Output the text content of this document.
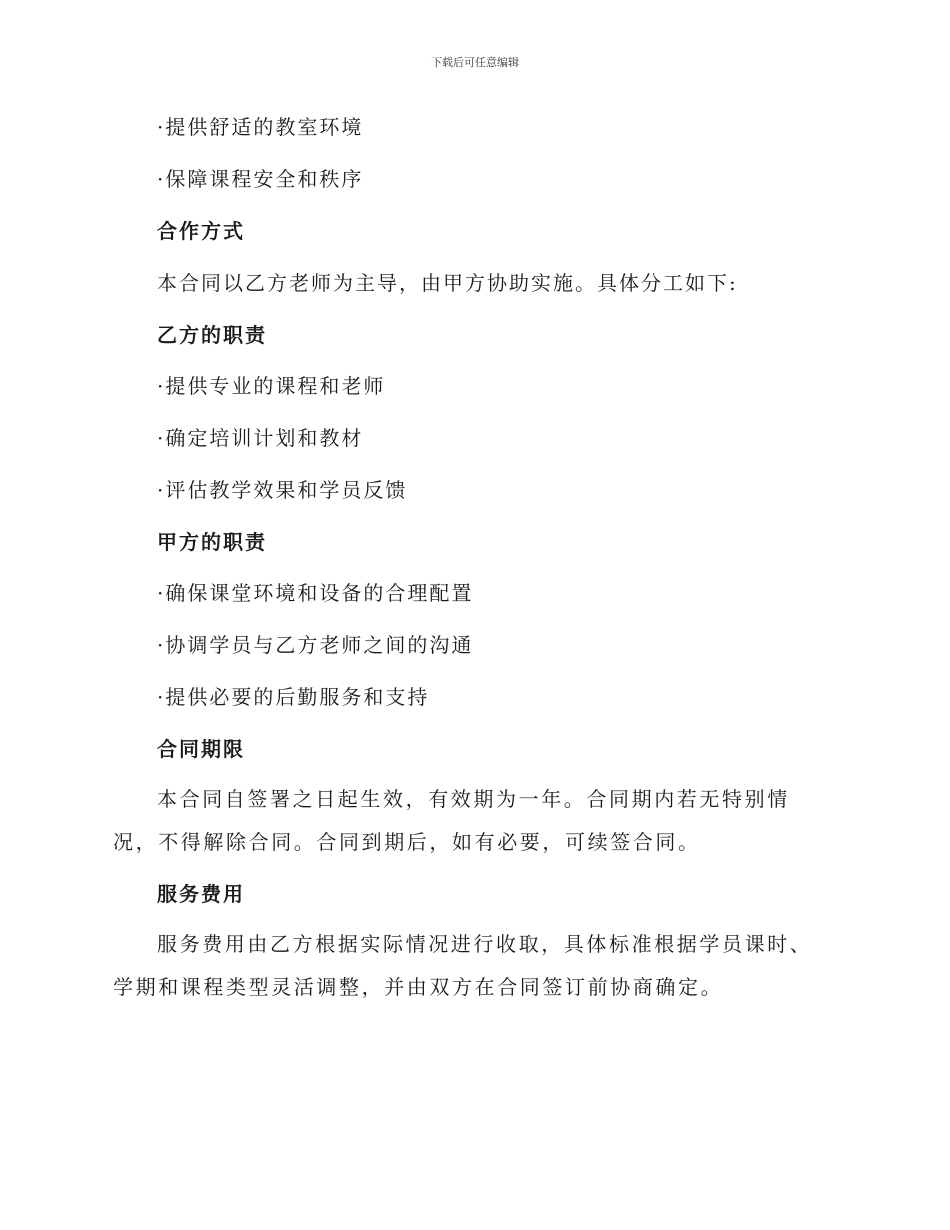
下载后可任意编辑
·提供舒适的教室环境
·保障课程安全和秩序
合作方式
本合同以乙方老师为主导，由甲方协助实施。具体分工如下:
乙方的职责
·提供专业的课程和老师
·确定培训计划和教材
·评估教学效果和学员反馈
甲方的职责
·确保课堂环境和设备的合理配置
·协调学员与乙方老师之间的沟通
·提供必要的后勤服务和支持
合同期限
本合同自签署之日起生效，有效期为一年。合同期内若无特别情况，不得解除合同。合同到期后，如有必要，可续签合同。
服务费用
服务费用由乙方根据实际情况进行收取，具体标准根据学员课时、学期和课程类型灵活调整，并由双方在合同签订前协商确定。
